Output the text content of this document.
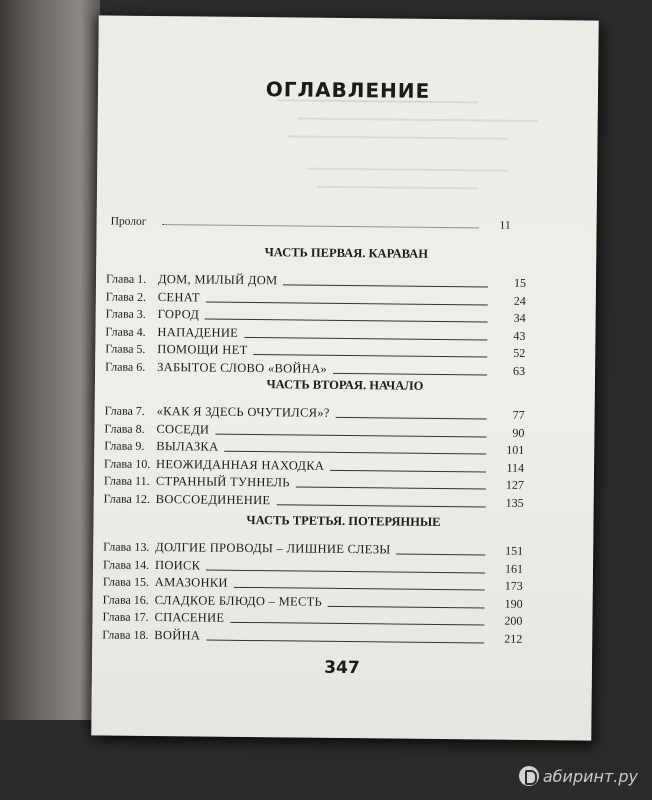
ОГЛАВЛЕНИЕ
Пролог	11
ЧАСТЬ ПЕРВАЯ. КАРАВАН
Глава 1. ДОМ, МИЛЫЙ ДОМ	15
Глава 2. СЕНАТ	24
Глава 3. ГОРОД	34
Глава 4. НАПАДЕНИЕ	43
Глава 5. ПОМОЩИ НЕТ	52
Глава 6. ЗАБЫТОЕ СЛОВО «ВОЙНА»	63
ЧАСТЬ ВТОРАЯ. НАЧАЛО
Глава 7. «КАК Я ЗДЕСЬ ОЧУТИЛСЯ»?	77
Глава 8. СОСЕДИ	90
Глава 9. ВЫЛАЗКА	101
Глава 10. НЕОЖИДАННАЯ НАХОДКА	114
Глава 11. СТРАННЫЙ ТУННЕЛЬ	127
Глава 12. ВОССОЕДИНЕНИЕ	135
ЧАСТЬ ТРЕТЬЯ. ПОТЕРЯННЫЕ
Глава 13. ДОЛГИЕ ПРОВОДЫ – ЛИШНИЕ СЛЕЗЫ	151
Глава 14. ПОИСК	161
Глава 15. АМАЗОНКИ	173
Глава 16. СЛАДКОЕ БЛЮДО – МЕСТЬ	190
Глава 17. СПАСЕНИЕ	200
Глава 18. ВОЙНА	212
347
абиринт.ру
